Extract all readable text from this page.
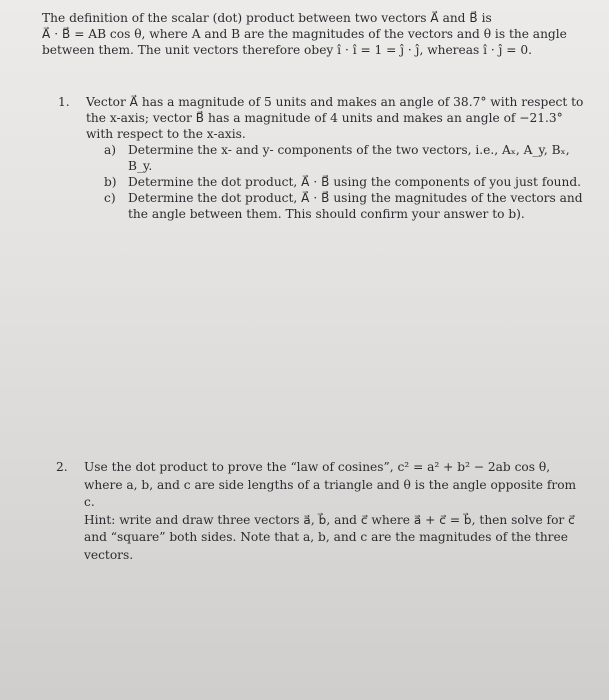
The definition of the scalar (dot) product between two vectors A⃗ and B⃗ is

A⃗ · B⃗ = AB cos θ, where A and B are the magnitudes of the vectors and θ is the angle

between them. The unit vectors therefore obey î · î = 1 = ĵ · ĵ, whereas î · ĵ = 0.

1.	Vector A⃗ has a magnitude of 5 units and makes an angle of 38.7° with respect to

the x-axis; vector B⃗ has a magnitude of 4 units and makes an angle of −21.3°

with respect to the x-axis.

a) Determine the x- and y- components of the two vectors, i.e., Aₓ, A_y, Bₓ, B_y.
b) Determine the dot product, A⃗ · B⃗ using the components of you just found.
c) Determine the dot product, A⃗ · B⃗ using the magnitudes of the vectors and
the angle between them. This should confirm your answer to b).
2.	Use the dot product to prove the “law of cosines”, c² = a² + b² − 2ab cos θ,

where a, b, and c are side lengths of a triangle and θ is the angle opposite from c.

Hint: write and draw three vectors a⃗, b⃗, and c⃗ where a⃗ + c⃗ = b⃗, then solve for c⃗

and “square” both sides. Note that a, b, and c are the magnitudes of the three

vectors.
